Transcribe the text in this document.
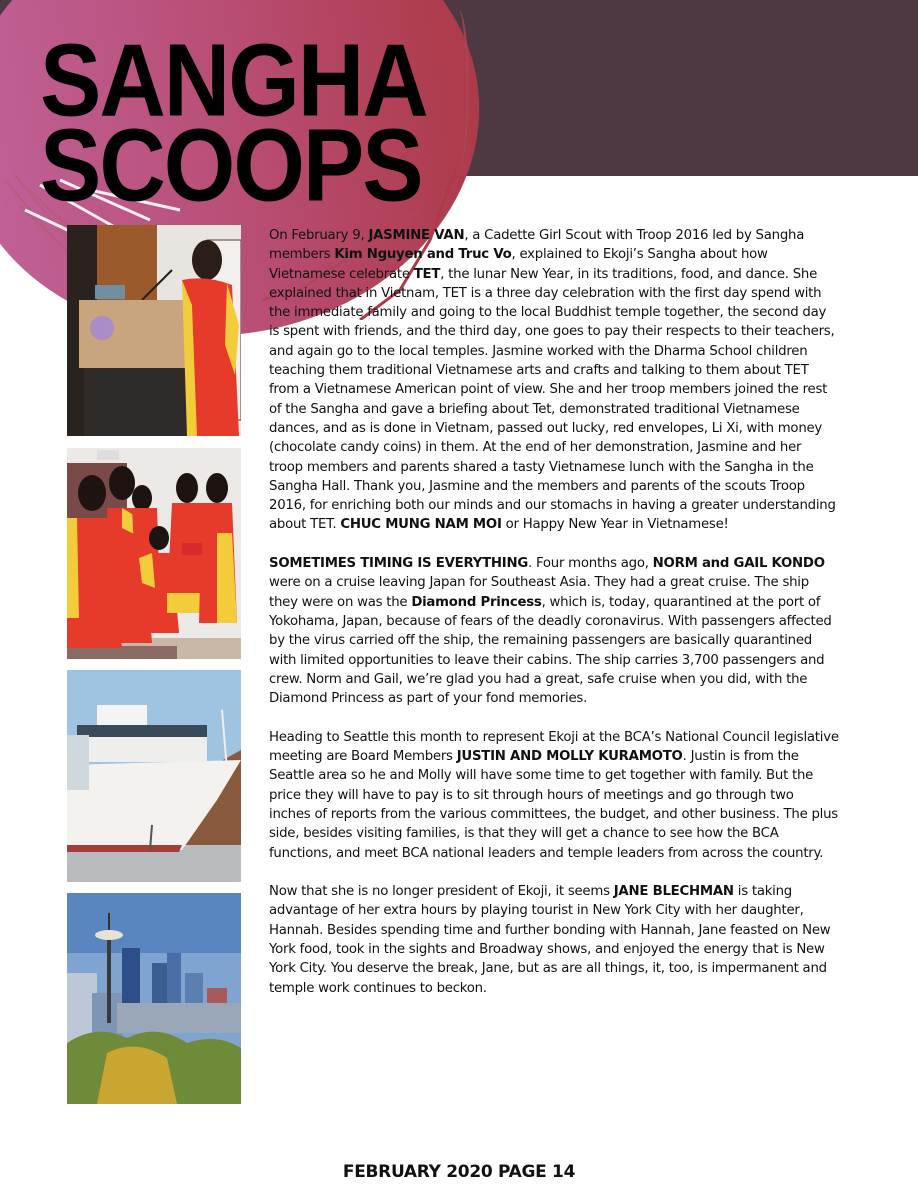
SANGHA
SCOOPS

On February 9, JASMINE VAN, a Cadette Girl Scout with Troop 2016 led by Sangha members Kim Nguyen and Truc Vo, explained to Ekoji’s Sangha about how Vietnamese celebrate TET, the lunar New Year, in its traditions, food, and dance. She explained that in Vietnam, TET is a three day celebration with the first day spend with the immediate family and going to the local Buddhist temple together, the second day is spent with friends, and the third day, one goes to pay their respects to their teachers, and again go to the local temples. Jasmine worked with the Dharma School children teaching them traditional Vietnamese arts and crafts and talking to them about TET from a Vietnamese American point of view. She and her troop members joined the rest of the Sangha and gave a briefing about Tet, demonstrated traditional Vietnamese dances, and as is done in Vietnam, passed out lucky, red envelopes, Li Xi, with money (chocolate candy coins) in them. At the end of her demonstration, Jasmine and her troop members and parents shared a tasty Vietnamese lunch with the Sangha in the Sangha Hall. Thank you, Jasmine and the members and parents of the scouts Troop 2016, for enriching both our minds and our stomachs in having a greater understanding about TET. CHUC MUNG NAM MOI or Happy New Year in Vietnamese!

SOMETIMES TIMING IS EVERYTHING. Four months ago, NORM and GAIL KONDO were on a cruise leaving Japan for Southeast Asia. They had a great cruise. The ship they were on was the Diamond Princess, which is, today, quarantined at the port of Yokohama, Japan, because of fears of the deadly coronavirus. With passengers affected by the virus carried off the ship, the remaining passengers are basically quarantined with limited opportunities to leave their cabins. The ship carries 3,700 passengers and crew. Norm and Gail, we’re glad you had a great, safe cruise when you did, with the Diamond Princess as part of your fond memories.

Heading to Seattle this month to represent Ekoji at the BCA’s National Council legislative meeting are Board Members JUSTIN AND MOLLY KURAMOTO. Justin is from the Seattle area so he and Molly will have some time to get together with family. But the price they will have to pay is to sit through hours of meetings and go through two inches of reports from the various committees, the budget, and other business. The plus side, besides visiting families, is that they will get a chance to see how the BCA functions, and meet BCA national leaders and temple leaders from across the country.

Now that she is no longer president of Ekoji, it seems JANE BLECHMAN is taking advantage of her extra hours by playing tourist in New York City with her daughter, Hannah. Besides spending time and further bonding with Hannah, Jane feasted on New York food, took in the sights and Broadway shows, and enjoyed the energy that is New York City. You deserve the break, Jane, but as are all things, it, too, is impermanent and temple work continues to beckon.

FEBRUARY 2020 PAGE 14
